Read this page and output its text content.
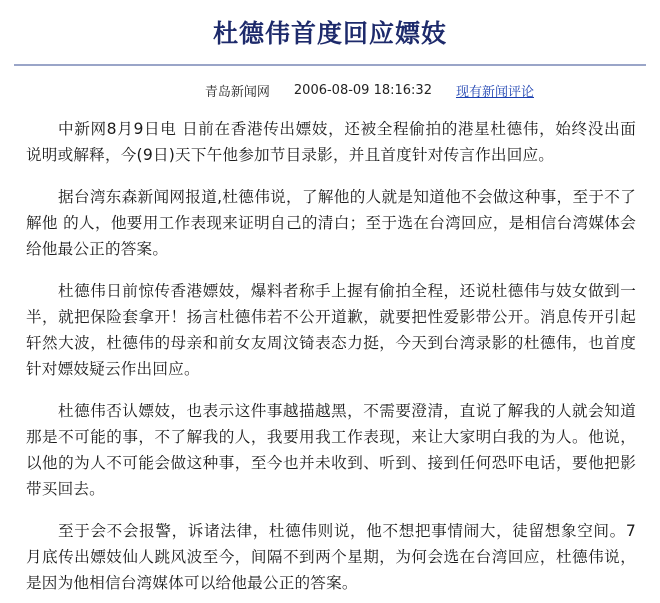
杜德伟首度回应嫖妓
青岛新闻网 2006-08-09 18:16:32 现有新闻评论

中新网8月9日电 日前在香港传出嫖妓，还被全程偷拍的港星杜德伟，始终没出面说明或解释，今(9日)天下午他参加节目录影，并且首度针对传言作出回应。

据台湾东森新闻网报道,杜德伟说，了解他的人就是知道他不会做这种事，至于不了解他 的人，他要用工作表现来证明自己的清白；至于选在台湾回应，是相信台湾媒体会给他最公正的答案。

杜德伟日前惊传香港嫖妓，爆料者称手上握有偷拍全程，还说杜德伟与妓女做到一半，就把保险套拿开！扬言杜德伟若不公开道歉，就要把性爱影带公开。消息传开引起轩然大波，杜德伟的母亲和前女友周汶锜表态力挺，今天到台湾录影的杜德伟，也首度针对嫖妓疑云作出回应。

杜德伟否认嫖妓，也表示这件事越描越黑，不需要澄清，直说了解我的人就会知道那是不可能的事，不了解我的人，我要用我工作表现，来让大家明白我的为人。他说，以他的为人不可能会做这种事，至今也并未收到、听到、接到任何恐吓电话，要他把影带买回去。

至于会不会报警，诉诸法律，杜德伟则说，他不想把事情闹大，徒留想象空间。7月底传出嫖妓仙人跳风波至今，间隔不到两个星期，为何会选在台湾回应，杜德伟说，是因为他相信台湾媒体可以给他最公正的答案。
